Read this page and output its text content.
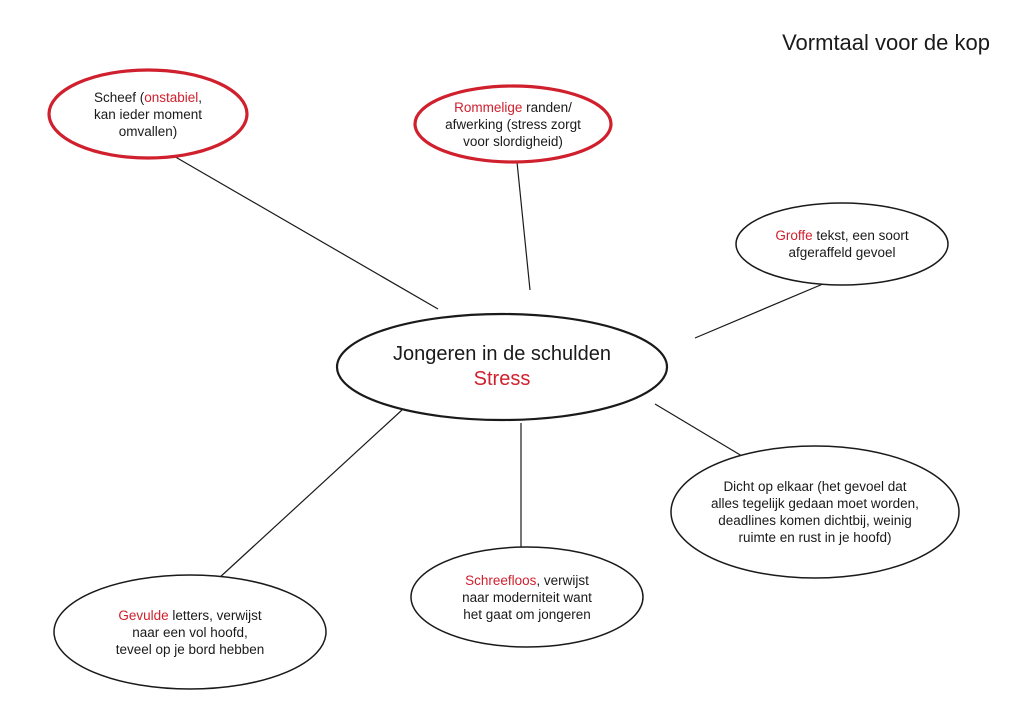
Vormtaal voor de kop
Jongeren in de schulden
Stress
Scheef (onstabiel,
kan ieder moment
omvallen)
Rommelige randen/
afwerking (stress zorgt
voor slordigheid)
Groffe tekst, een soort
afgeraffeld gevoel
Dicht op elkaar (het gevoel dat
alles tegelijk gedaan moet worden,
deadlines komen dichtbij, weinig
ruimte en rust in je hoofd)
Schreefloos, verwijst
naar moderniteit want
het gaat om jongeren
Gevulde letters, verwijst
naar een vol hoofd,
teveel op je bord hebben
